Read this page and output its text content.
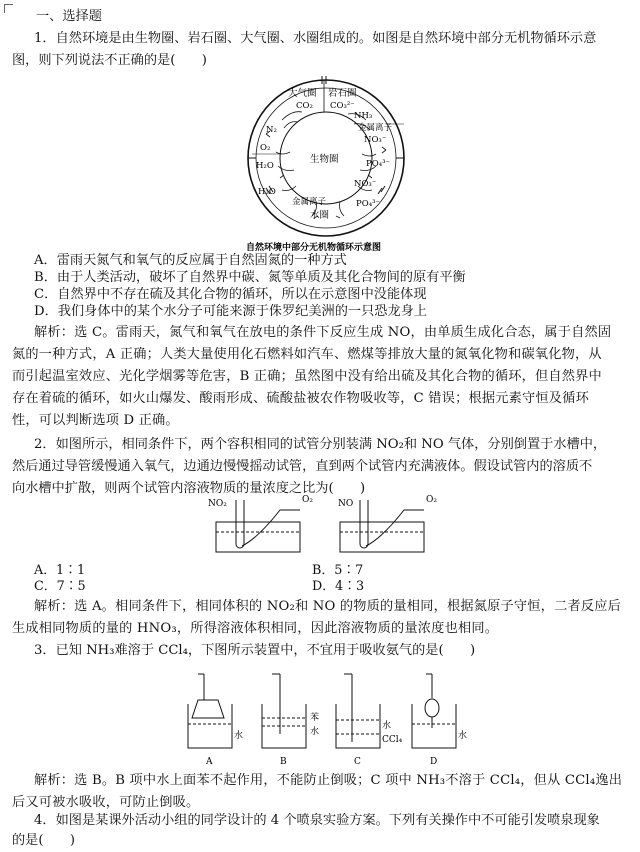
一、选择题
1．自然环境是由生物圈、岩石圈、大气圈、水圈组成的。如图是自然环境中部分无机物循环示意
图，则下列说法不正确的是(　　)
大气圈 岩石圈
CO₂ CO₃²⁻
NH₃
金属离子
NO₃⁻
PO₄³⁻
N₂
O₂
H₂O
生物圈
H₂O
NO₃⁻
PO₄³⁻
金属离子
水圈
自然环境中部分无机物循环示意图
A．雷雨天氮气和氧气的反应属于自然固氮的一种方式
B．由于人类活动，破坏了自然界中碳、氮等单质及其化合物间的原有平衡
C．自然界中不存在硫及其化合物的循环，所以在示意图中没能体现
D．我们身体中的某个水分子可能来源于侏罗纪美洲的一只恐龙身上
解析：选 C。雷雨天，氮气和氧气在放电的条件下反应生成 NO，由单质生成化合态，属于自然固
氮的一种方式，A 正确；人类大量使用化石燃料如汽车、燃煤等排放大量的氮氧化物和碳氧化物，从
而引起温室效应、光化学烟雾等危害，B 正确；虽然图中没有给出硫及其化合物的循环，但自然界中
存在着硫的循环，如火山爆发、酸雨形成、硫酸盐被农作物吸收等，C 错误；根据元素守恒及循环
性，可以判断选项 D 正确。
2．如图所示，相同条件下，两个容积相同的试管分别装满 NO₂和 NO 气体，分别倒置于水槽中，
然后通过导管缓慢通入氧气，边通边慢慢摇动试管，直到两个试管内充满液体。假设试管内的溶质不
向水槽中扩散，则两个试管内溶液物质的量浓度之比为(　　)
NO₂	O₂	NO	O₂
A．1∶1	B．5∶7
C．7∶5	D．4∶3
解析：选 A。相同条件下，相同体积的 NO₂和 NO 的物质的量相同，根据氮原子守恒，二者反应后
生成相同物质的量的 HNO₃，所得溶液体积相同，因此溶液物质的量浓度也相同。
3．已知 NH₃难溶于 CCl₄，下图所示装置中，不宜用于吸收氨气的是(　　)
水
A
苯
水
B
水
CCl₄
C
水
D
解析：选 B。B 项中水上面苯不起作用，不能防止倒吸；C 项中 NH₃不溶于 CCl₄，但从 CCl₄逸出
后又可被水吸收，可防止倒吸。
4．如图是某课外活动小组的同学设计的 4 个喷泉实验方案。下列有关操作中不可能引发喷泉现象
的是(　　)
